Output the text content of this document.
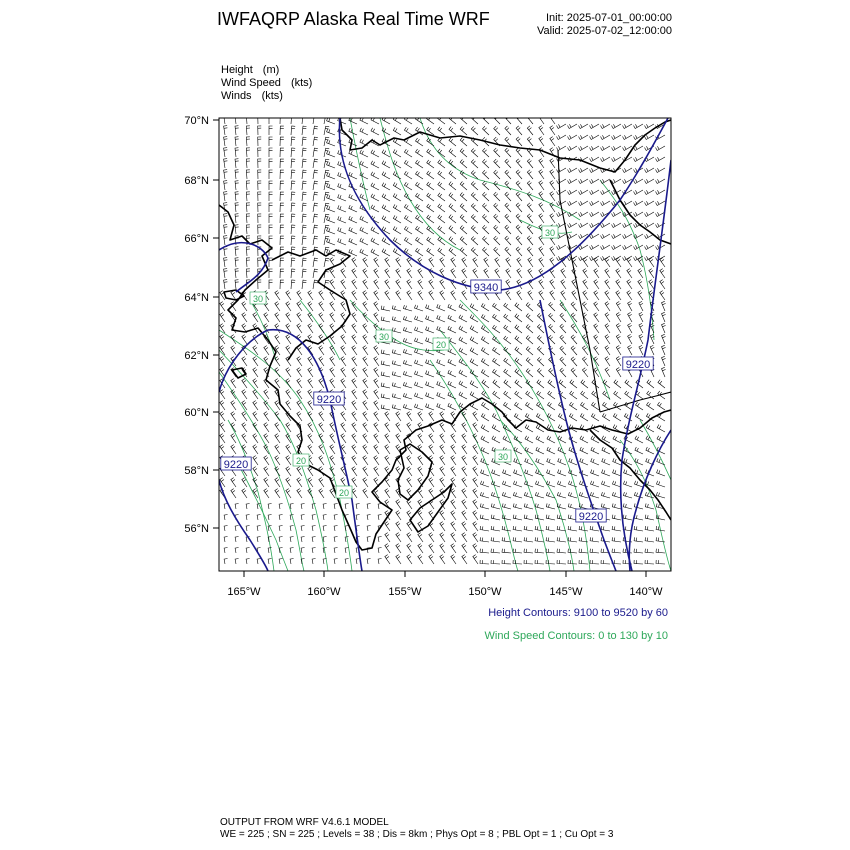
IWFAQRP Alaska Real Time WRF	Init: 2025-07-01_00:00:00
Valid: 2025-07-02_12:00:00
Height (m)
Wind Speed (kts)
Winds (kts)
70°N
68°N
66°N
64°N
62°N
60°N
58°N
56°N
165°W	160°W	155°W	150°W	145°W	140°W
9340
9220
9220
9220
9220
30
30
20
30
20
20
30
Height Contours: 9100 to 9520 by 60
Wind Speed Contours: 0 to 130 by 10
OUTPUT FROM WRF V4.6.1 MODEL
WE = 225 ; SN = 225 ; Levels = 38 ; Dis = 8km ; Phys Opt = 8 ; PBL Opt = 1 ; Cu Opt = 3
